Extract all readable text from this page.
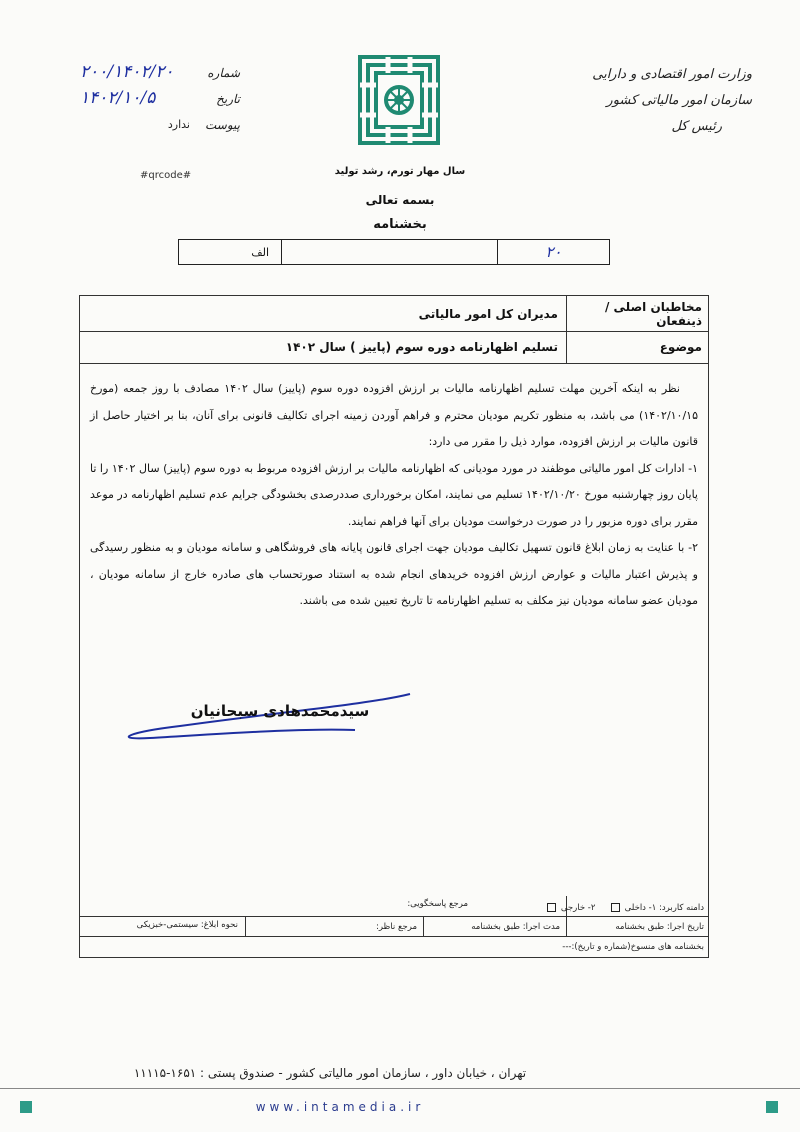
وزارت امور اقتصادی و دارایی
سازمان امور مالیاتی کشور
رئیس کل
شماره
۲۰۰/۱۴۰۲/۲۰
تاریخ
۱۴۰۲/۱۰/۵
پیوست
ندارد
#qrcode#	سال مهار تورم، رشد تولید
بسمه تعالی
بخشنامه
۲۰
الف
مخاطبان اصلی / ذینفعان
مدیران کل امور مالیاتی
موضوع
تسلیم اظهارنامه دوره سوم (پاییز ) سال ۱۴۰۲

نظر به اینکه آخرین مهلت تسلیم اظهارنامه مالیات بر ارزش افزوده دوره سوم (پاییز) سال ۱۴۰۲ مصادف با روز جمعه (مورخ ۱۴۰۲/۱۰/۱۵) می باشد، به منظور تکریم مودیان محترم و فراهم آوردن زمینه اجرای تکالیف قانونی برای آنان، بنا بر اختیار حاصل از قانون مالیات بر ارزش افزوده، موارد ذیل را مقرر می دارد:

۱- ادارات کل امور مالیاتی موظفند در مورد مودیانی که اظهارنامه مالیات بر ارزش افزوده مربوط به دوره سوم (پاییز) سال ۱۴۰۲ را تا پایان روز چهارشنبه مورخ ۱۴۰۲/۱۰/۲۰ تسلیم می نمایند، امکان برخورداری صددرصدی بخشودگی جرایم عدم تسلیم اظهارنامه در موعد مقرر برای دوره مزبور را در صورت درخواست مودیان برای آنها فراهم نمایند.

۲- با عنایت به زمان ابلاغ قانون تسهیل تکالیف مودیان جهت اجرای قانون پایانه های فروشگاهی و سامانه مودیان و به منظور رسیدگی و پذیرش اعتبار مالیات و عوارض ارزش افزوده خریدهای انجام شده به استناد صورتحساب های صادره خارج از سامانه مودیان ، مودیان عضو سامانه مودیان نیز مکلف به تسلیم اظهارنامه تا تاریخ تعیین شده می باشند.

سیدمحمدهادی سبحانیان
دامنه کاربرد: ۱- داخلی      ۲- خارجی
مرجع پاسخگویی:
تاریخ اجرا: طبق بخشنامه
مدت اجرا: طبق بخشنامه
مرجع ناظر:
نحوه ابلاغ: سیستمی-خبزیکی
بخشنامه های منسوخ(شماره و تاریخ):---
تهران ، خیابان داور ، سازمان امور مالیاتی کشور - صندوق پستی : ۱۶۵۱-۱۱۱۱۵
www.intamedia.ir
